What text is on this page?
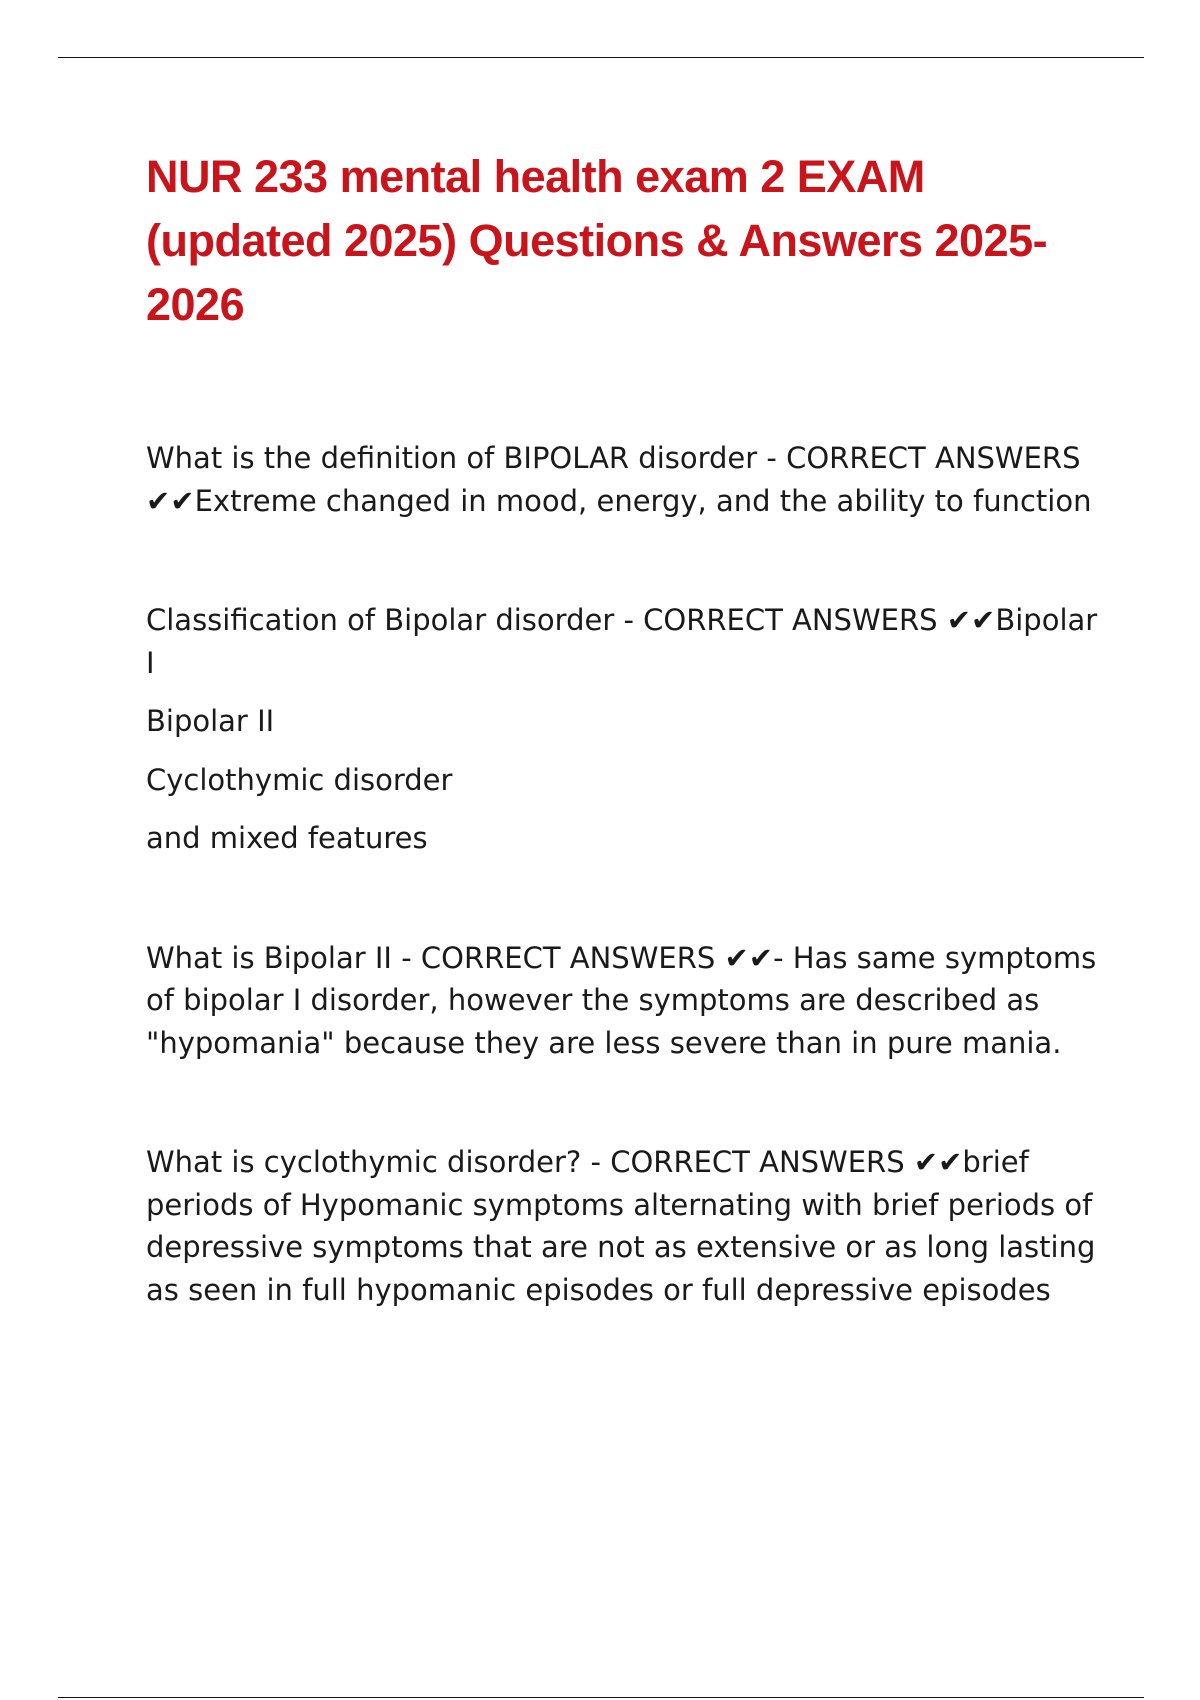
NUR 233 mental health exam 2 EXAM (updated 2025) Questions & Answers 2025-2026

What is the definition of BIPOLAR disorder - CORRECT ANSWERS ✔✔Extreme changed in mood, energy, and the ability to function

Classification of Bipolar disorder - CORRECT ANSWERS ✔✔Bipolar I

Bipolar II

Cyclothymic disorder

and mixed features

What is Bipolar II - CORRECT ANSWERS ✔✔- Has same symptoms of bipolar I disorder, however the symptoms are described as "hypomania" because they are less severe than in pure mania.

What is cyclothymic disorder? - CORRECT ANSWERS ✔✔brief periods of Hypomanic symptoms alternating with brief periods of depressive symptoms that are not as extensive or as long lasting as seen in full hypomanic episodes or full depressive episodes
